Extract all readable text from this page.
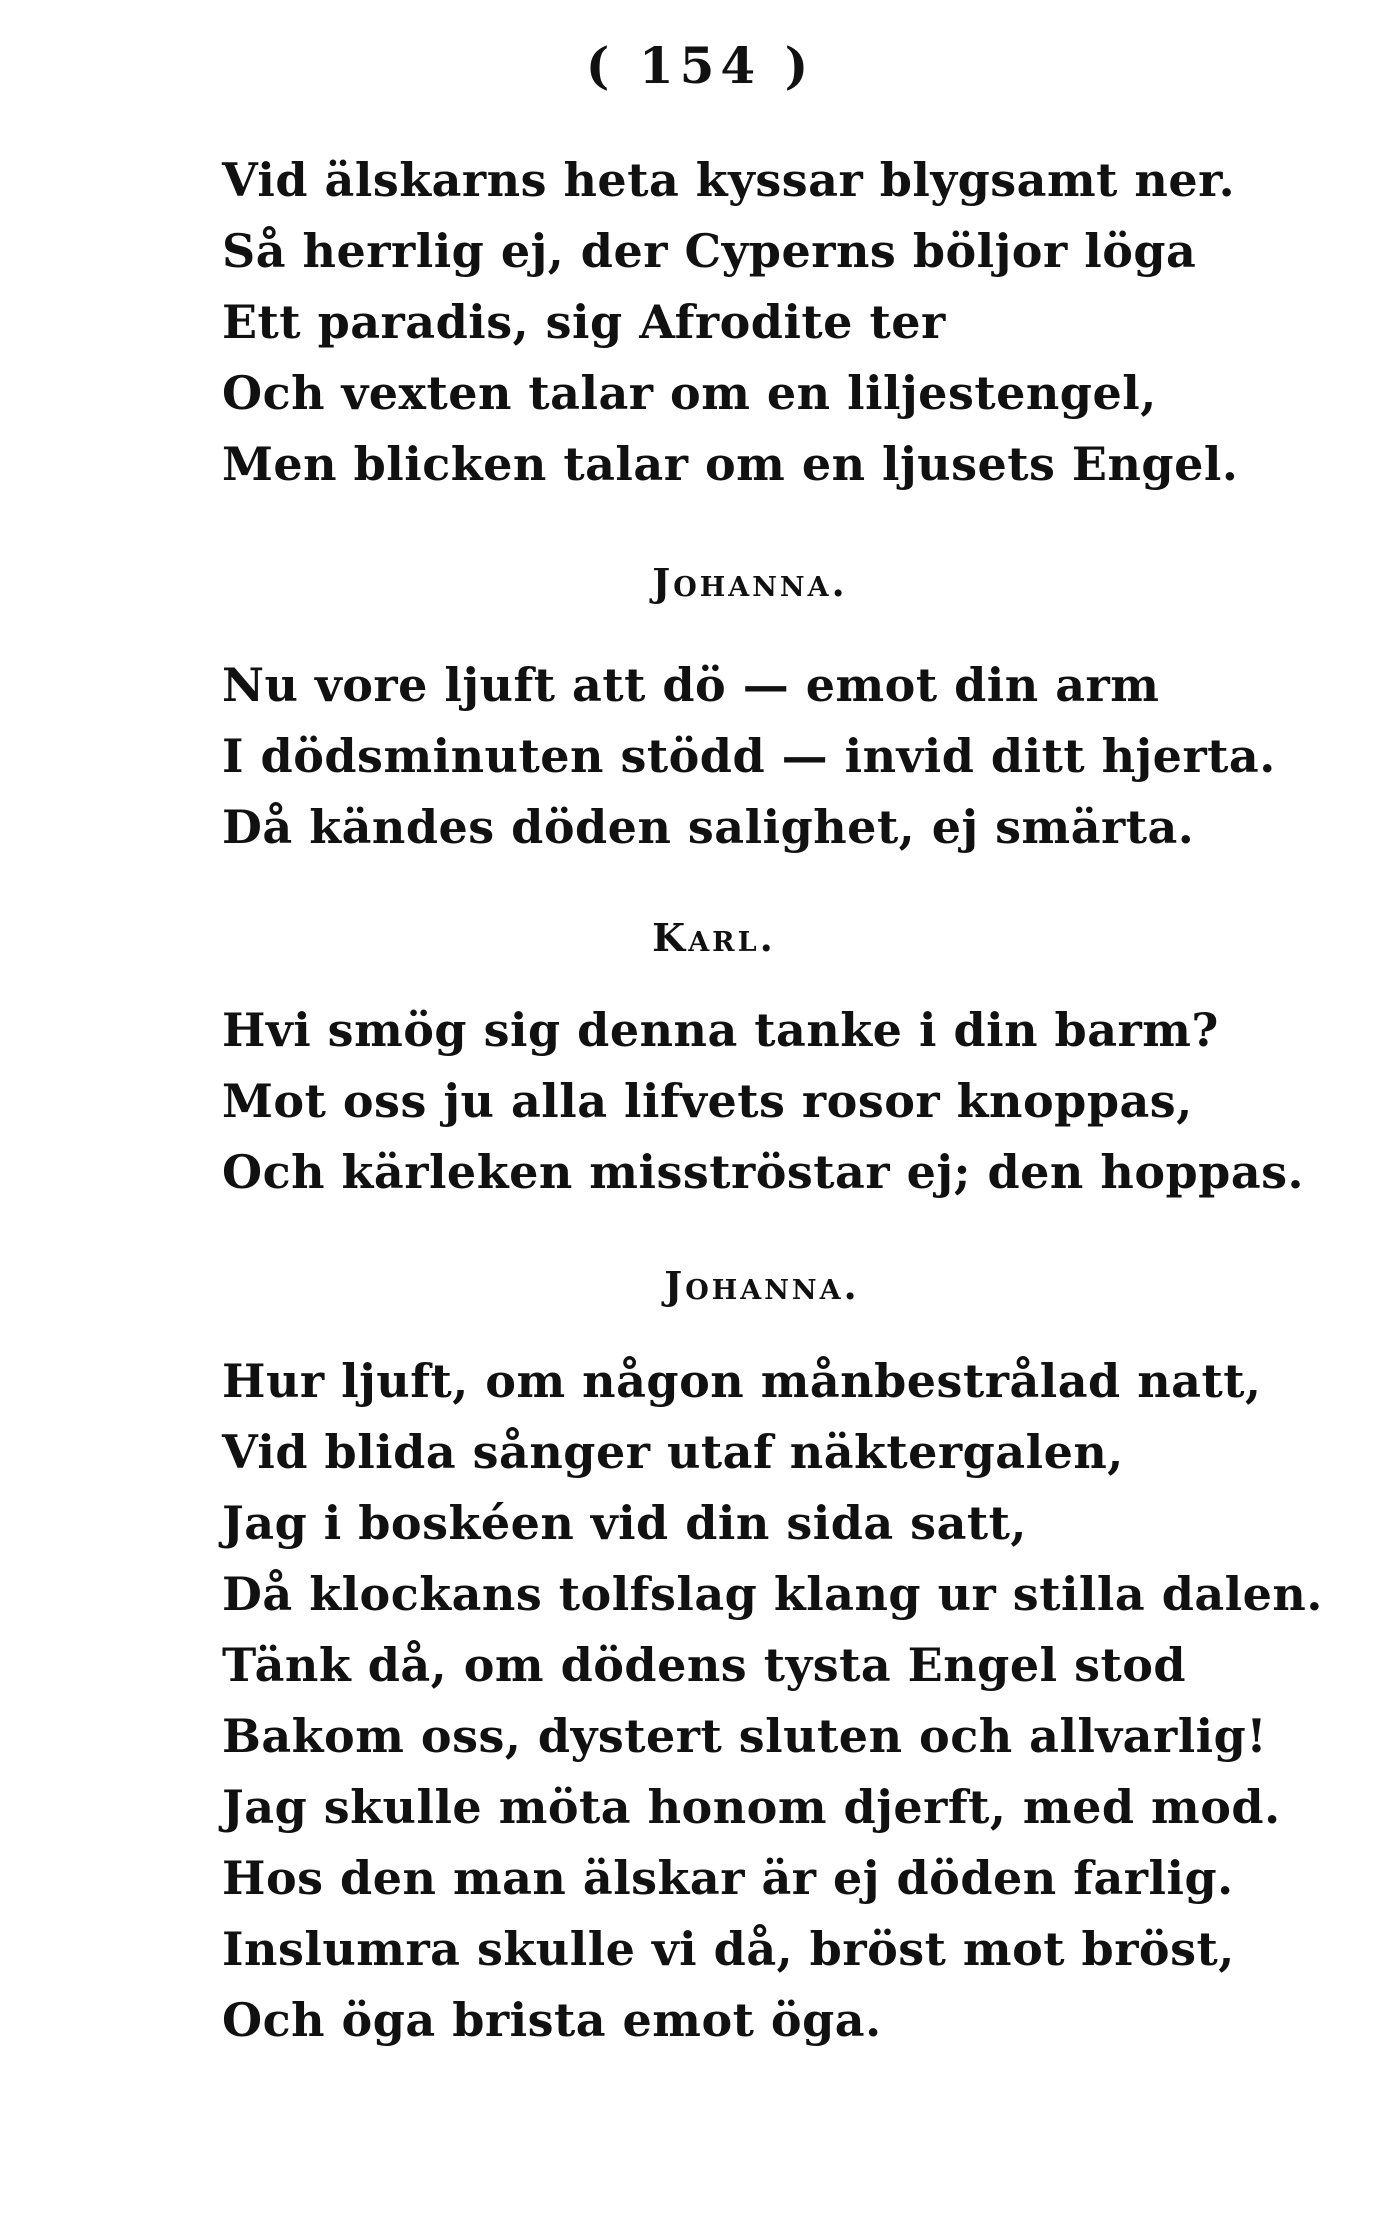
( 154 )
Vid älskarns heta kyssar blygsamt ner.
Så herrlig ej, der Cyperns böljor löga
Ett paradis, sig Afrodite ter
Och vexten talar om en liljestengel,
Men blicken talar om en ljusets Engel.
Johanna.
Nu vore ljuft att dö — emot din arm
I dödsminuten stödd — invid ditt hjerta.
Då kändes döden salighet, ej smärta.
Karl.
Hvi smög sig denna tanke i din barm?
Mot oss ju alla lifvets rosor knoppas,
Och kärleken misströstar ej; den hoppas.
Johanna.
Hur ljuft, om någon månbestrålad natt,
Vid blida sånger utaf näktergalen,
Jag i boskéen vid din sida satt,
Då klockans tolfslag klang ur stilla dalen.
Tänk då, om dödens tysta Engel stod
Bakom oss, dystert sluten och allvarlig!
Jag skulle möta honom djerft, med mod.
Hos den man älskar är ej döden farlig.
Inslumra skulle vi då, bröst mot bröst,
Och öga brista emot öga.
